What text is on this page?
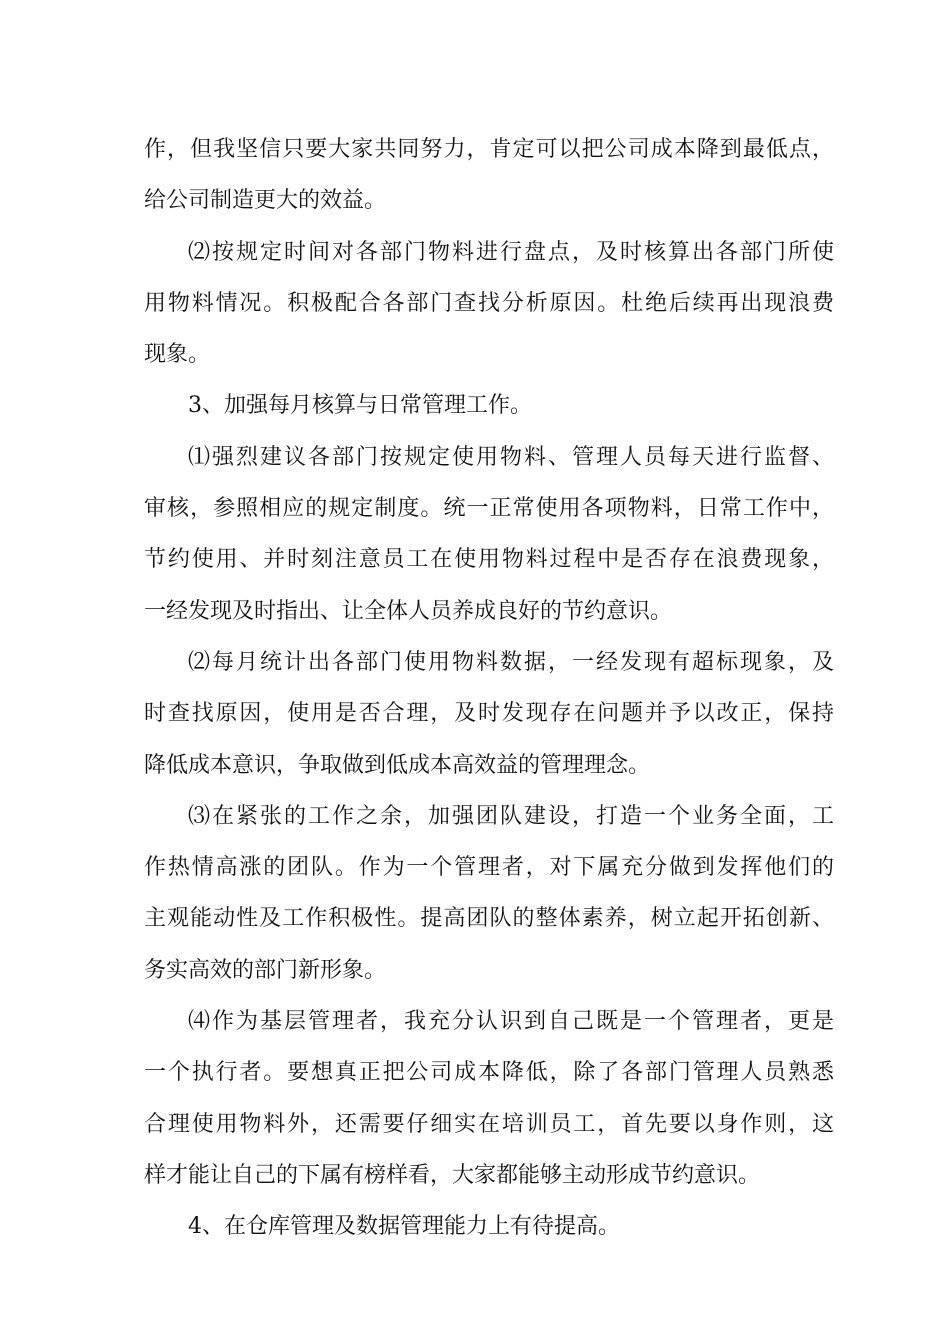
作，但我坚信只要大家共同努力，肯定可以把公司成本降到最低点，
给公司制造更大的效益。
⑵按规定时间对各部门物料进行盘点，及时核算出各部门所使
用物料情况。积极配合各部门查找分析原因。杜绝后续再出现浪费
现象。
3、加强每月核算与日常管理工作。
⑴强烈建议各部门按规定使用物料、管理人员每天进行监督、
审核，参照相应的规定制度。统一正常使用各项物料，日常工作中，
节约使用、并时刻注意员工在使用物料过程中是否存在浪费现象，
一经发现及时指出、让全体人员养成良好的节约意识。
⑵每月统计出各部门使用物料数据，一经发现有超标现象，及
时查找原因，使用是否合理，及时发现存在问题并予以改正，保持
降低成本意识，争取做到低成本高效益的管理理念。
⑶在紧张的工作之余，加强团队建设，打造一个业务全面，工
作热情高涨的团队。作为一个管理者，对下属充分做到发挥他们的
主观能动性及工作积极性。提高团队的整体素养，树立起开拓创新、
务实高效的部门新形象。
⑷作为基层管理者，我充分认识到自己既是一个管理者，更是
一个执行者。要想真正把公司成本降低，除了各部门管理人员熟悉
合理使用物料外，还需要仔细实在培训员工，首先要以身作则，这
样才能让自己的下属有榜样看，大家都能够主动形成节约意识。
4、在仓库管理及数据管理能力上有待提高。
